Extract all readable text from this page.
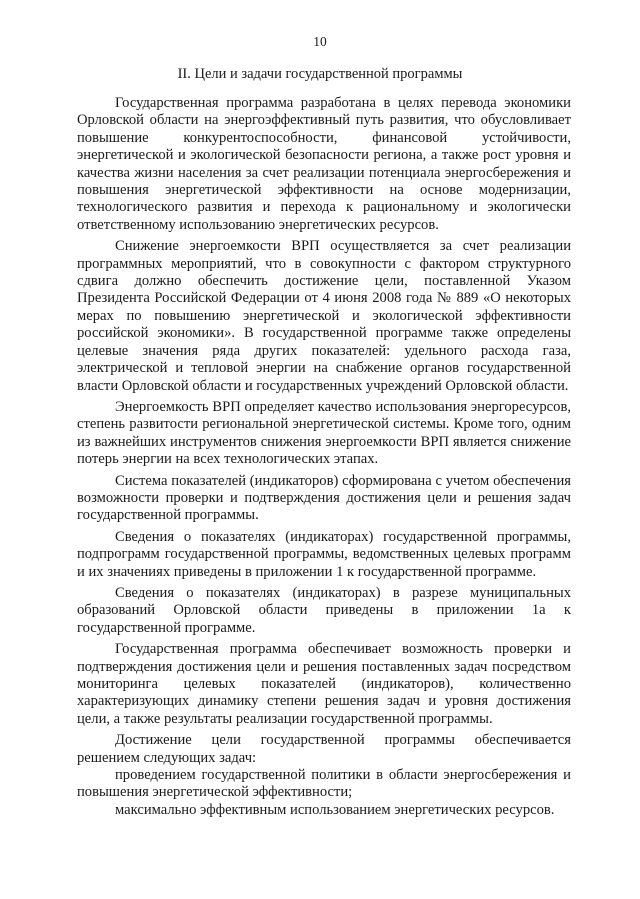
10
II. Цели и задачи государственной программы

Государственная программа разработана в целях перевода экономики Орловской области на энергоэффективный путь развития, что обусловливает повышение конкурентоспособности, финансовой устойчивости, энергетической и экологической безопасности региона, а также рост уровня и качества жизни населения за счет реализации потенциала энергосбережения и повышения энергетической эффективности на основе модернизации, технологического развития и перехода к рациональному и экологически ответственному использованию энергетических ресурсов.

Снижение энергоемкости ВРП осуществляется за счет реализации программных мероприятий, что в совокупности с фактором структурного сдвига должно обеспечить достижение цели, поставленной Указом Президента Российской Федерации от 4 июня 2008 года № 889 «О некоторых мерах по повышению энергетической и экологической эффективности российской экономики». В государственной программе также определены целевые значения ряда других показателей: удельного расхода газа, электрической и тепловой энергии на снабжение органов государственной власти Орловской области и государственных учреждений Орловской области.

Энергоемкость ВРП определяет качество использования энергоресурсов, степень развитости региональной энергетической системы. Кроме того, одним из важнейших инструментов снижения энергоемкости ВРП является снижение потерь энергии на всех технологических этапах.

Система показателей (индикаторов) сформирована с учетом обеспечения возможности проверки и подтверждения достижения цели и решения задач государственной программы.

Сведения о показателях (индикаторах) государственной программы, подпрограмм государственной программы, ведомственных целевых программ и их значениях приведены в приложении 1 к государственной программе.

Сведения о показателях (индикаторах) в разрезе муниципальных образований Орловской области приведены в приложении 1а к государственной программе.

Государственная программа обеспечивает возможность проверки и подтверждения достижения цели и решения поставленных задач посредством мониторинга целевых показателей (индикаторов), количественно характеризующих динамику степени решения задач и уровня достижения цели, а также результаты реализации государственной программы.

Достижение цели государственной программы обеспечивается решением следующих задач:

проведением государственной политики в области энергосбережения и повышения энергетической эффективности;

максимально эффективным использованием энергетических ресурсов.
